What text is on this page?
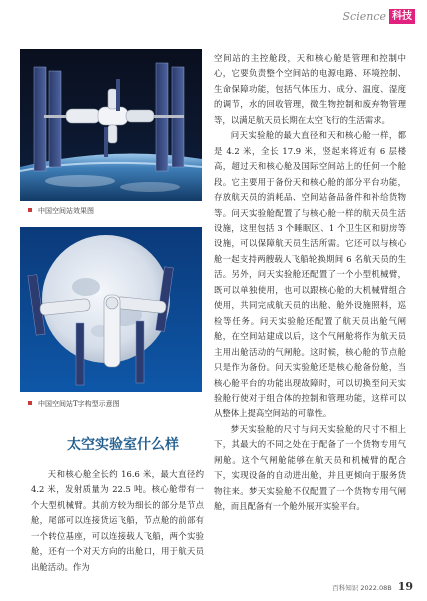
Science 科技
中国空间站效果图
中国空间站T字构型示意图
太空实验室什么样

天和核心舱全长约 16.6 米，最大直径约 4.2 米，发射质量为 22.5 吨。核心舱带有一个大型机械臂。其前方较为细长的部分是节点舱，尾部可以连接货运飞船，节点舱的前部有一个转位基座，可以连接载人飞船，两个实验舱，还有一个对天方向的出舱口，用于航天员出舱活动。作为

空间站的主控舱段，天和核心舱是管理和控制中心，它要负责整个空间站的电源电路、环境控制、生命保障功能，包括气体压力、成分、温度、湿度的调节，水的回收管理，微生物控制和废弃物管理等，以满足航天员长期在太空飞行的生活需求。

问天实验舱的最大直径和天和核心舱一样，都是 4.2 米，全长 17.9 米，竖起来将近有 6 层楼高，超过天和核心舱及国际空间站上的任何一个舱段。它主要用于备份天和核心舱的部分平台功能，存放航天员的消耗品、空间站备品备件和补给货物等。问天实验舱配置了与核心舱一样的航天员生活设施，这里包括 3 个睡眠区、1 个卫生区和厨房等设施，可以保障航天员生活所需。它还可以与核心舱一起支持两艘载人飞船轮换期间 6 名航天员的生活。另外，问天实验舱还配置了一个小型机械臂，既可以单独使用，也可以跟核心舱的大机械臂组合使用，共同完成航天员的出舱、舱外设施照料，巡检等任务。问天实验舱还配置了航天员出舱气闸舱，在空间站建成以后，这个气闸舱将作为航天员主用出舱活动的气闸舱。这时候，核心舱的节点舱只是作为备份。问天实验舱还是核心舱备份舱，当核心舱平台的功能出现故障时，可以切换至问天实验舱行使对于组合体的控制和管理功能，这样可以从整体上提高空间站的可靠性。

梦天实验舱的尺寸与问天实验舱的尺寸不相上下，其最大的不同之处在于配备了一个货物专用气闸舱。这个气闸舱能够在航天员和机械臂的配合下，实现设备的自动进出舱，并且更倾向于服务货物往来。梦天实验舱不仅配置了一个货物专用气闸舱，而且配备有一个舱外展开实验平台。

百科知识 2022.08B 19
